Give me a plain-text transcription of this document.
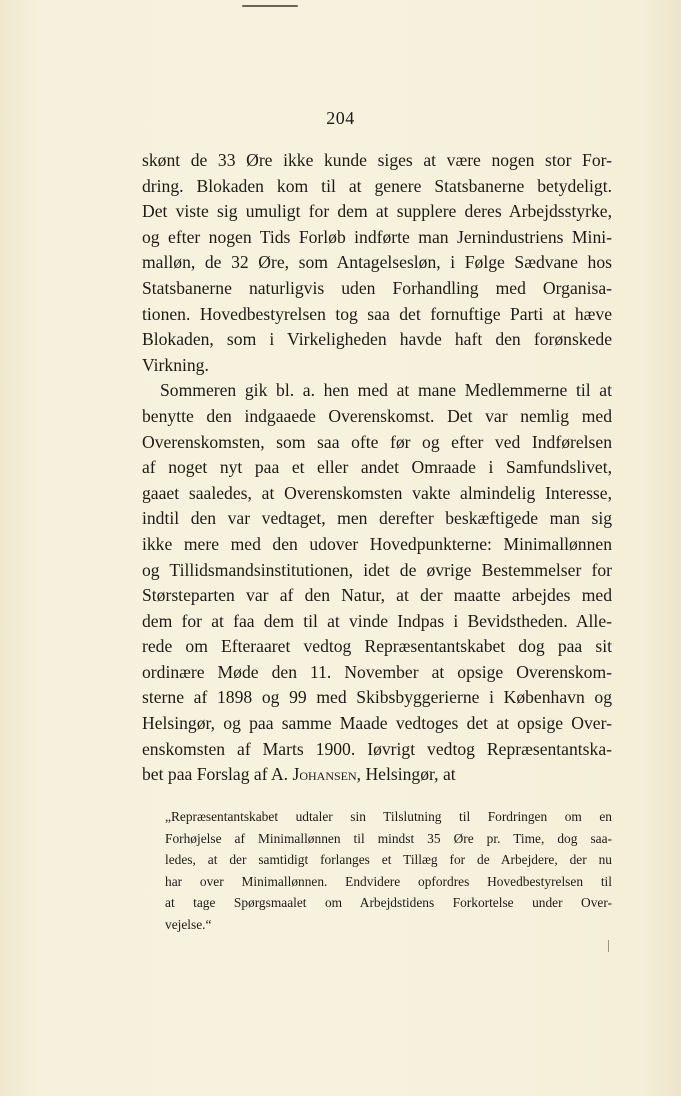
204
skønt de 33 Øre ikke kunde siges at være nogen stor For-
dring. Blokaden kom til at genere Statsbanerne betydeligt.
Det viste sig umuligt for dem at supplere deres Arbejdsstyrke,
og efter nogen Tids Forløb indførte man Jernindustriens Mini-
malløn, de 32 Øre, som Antagelsesløn, i Følge Sædvane hos
Statsbanerne naturligvis uden Forhandling med Organisa-
tionen. Hovedbestyrelsen tog saa det fornuftige Parti at hæve
Blokaden, som i Virkeligheden havde haft den forønskede
Virkning.
Sommeren gik bl. a. hen med at mane Medlemmerne til at
benytte den indgaaede Overenskomst. Det var nemlig med
Overenskomsten, som saa ofte før og efter ved Indførelsen
af noget nyt paa et eller andet Omraade i Samfundslivet,
gaaet saaledes, at Overenskomsten vakte almindelig Interesse,
indtil den var vedtaget, men derefter beskæftigede man sig
ikke mere med den udover Hovedpunkterne: Minimallønnen
og Tillidsmandsinstitutionen, idet de øvrige Bestemmelser for
Størsteparten var af den Natur, at der maatte arbejdes med
dem for at faa dem til at vinde Indpas i Bevidstheden. Alle-
rede om Efteraaret vedtog Repræsentantskabet dog paa sit
ordinære Møde den 11. November at opsige Overenskom-
sterne af 1898 og 99 med Skibsbyggerierne i København og
Helsingør, og paa samme Maade vedtoges det at opsige Over-
enskomsten af Marts 1900. Iøvrigt vedtog Repræsentantska-
bet paa Forslag af A. Johansen, Helsingør, at
„Repræsentantskabet udtaler sin Tilslutning til Fordringen om en
Forhøjelse af Minimallønnen til mindst 35 Øre pr. Time, dog saa-
ledes, at der samtidigt forlanges et Tillæg for de Arbejdere, der nu
har over Minimallønnen. Endvidere opfordres Hovedbestyrelsen til
at tage Spørgsmaalet om Arbejdstidens Forkortelse under Over-
vejelse.“
